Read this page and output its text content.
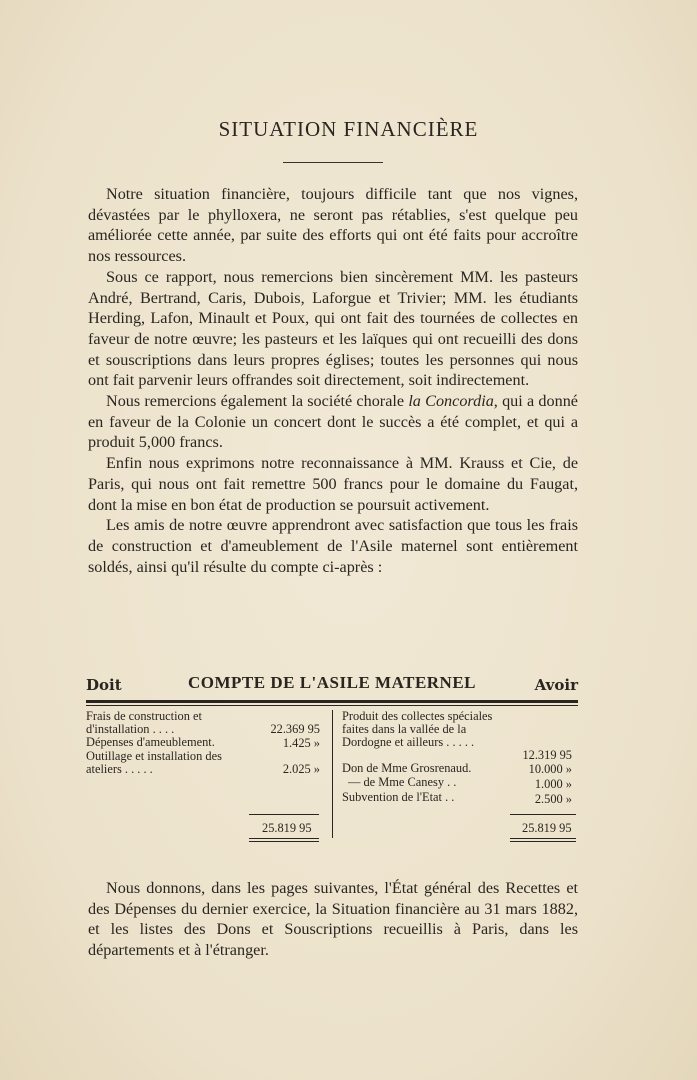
SITUATION FINANCIÈRE

Notre situation financière, toujours difficile tant que nos vignes, dévastées par le phylloxera, ne seront pas rétablies, s'est quelque peu améliorée cette année, par suite des efforts qui ont été faits pour accroître nos ressources.

Sous ce rapport, nous remercions bien sincèrement MM. les pasteurs André, Bertrand, Caris, Dubois, Laforgue et Trivier; MM. les étudiants Herding, Lafon, Minault et Poux, qui ont fait des tournées de collectes en faveur de notre œuvre; les pasteurs et les laïques qui ont recueilli des dons et souscriptions dans leurs propres églises; toutes les personnes qui nous ont fait parvenir leurs offrandes soit directement, soit indirectement.

Nous remercions également la société chorale la Concordia, qui a donné en faveur de la Colonie un concert dont le succès a été complet, et qui a produit 5,000 francs.

Enfin nous exprimons notre reconnaissance à MM. Krauss et Cie, de Paris, qui nous ont fait remettre 500 francs pour le domaine du Faugat, dont la mise en bon état de production se poursuit activement.

Les amis de notre œuvre apprendront avec satisfaction que tous les frais de construction et d'ameublement de l'Asile maternel sont entièrement soldés, ainsi qu'il résulte du compte ci-après :

Doit	COMPTE DE L'ASILE MATERNEL	Avoir
Frais de construction et d'installation . . . .	22.369 95
Dépenses d'ameublement.	1.425 »
Outillage et installation des ateliers . . . . .	2.025 »
Produit des collectes spéciales faites dans la vallée de la Dordogne et ailleurs . . . . .
12.319 95
Don de Mme Grosrenaud.	10.000 »
— de Mme Canesy . .	1.000 »
Subvention de l'Etat . .	2.500 »
25.819 95	25.819 95

Nous donnons, dans les pages suivantes, l'État général des Recettes et des Dépenses du dernier exercice, la Situation financière au 31 mars 1882, et les listes des Dons et Souscriptions recueillis à Paris, dans les départements et à l'étranger.
